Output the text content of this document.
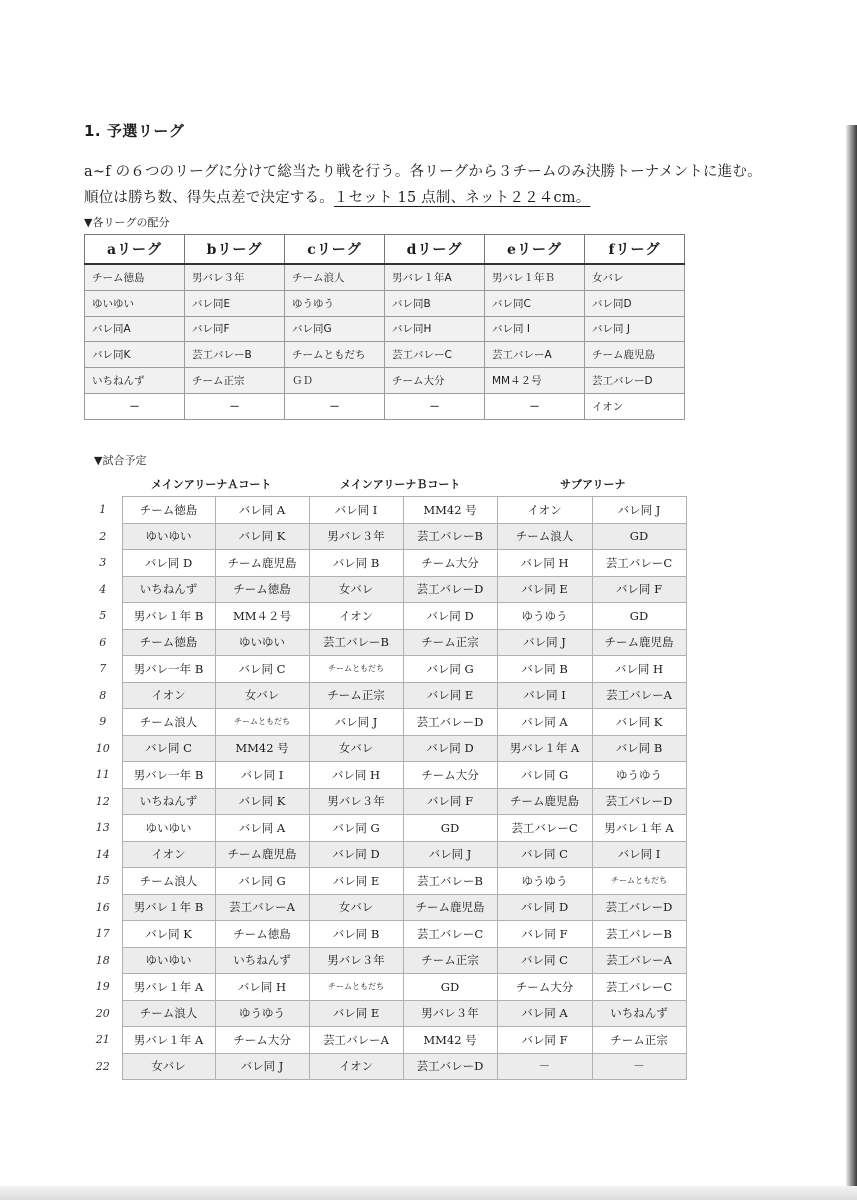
1. 予選リーグ
a~f の６つのリーグに分けて総当たり戦を行う。各リーグから３チームのみ決勝トーナメントに進む。
順位は勝ち数、得失点差で決定する。１セット 15 点制、ネット２２４cm。
▼各リーグの配分
aリーグ	bリーグ	cリーグ	dリーグ	eリーグ	fリーグ
チーム徳島	男バレ３年	チーム浪人	男バレ１年A	男バレ１年Ｂ	女バレ
ゆいゆい	バレ同E	ゆうゆう	バレ同B	バレ同C	バレ同D
バレ同A	バレ同F	バレ同G	バレ同H	バレ同 I	バレ同 J
バレ同K	芸工バレーB	チームともだち	芸工バレーC	芸工バレーA	チーム鹿児島
いちねんず	チーム正宗	ＧＤ	チーム大分	MM４２号	芸工バレーD
－	－	－	－	－	イオン
▼試合予定
メインアリーナＡコート	メインアリーナＢコート	サブアリーナ
1	チーム徳島	バレ同 A	バレ同 I	MM42 号	イオン	バレ同 J
2	ゆいゆい	バレ同 K	男バレ３年	芸工バレーB	チーム浪人	GD
3	バレ同 D	チーム鹿児島	バレ同 B	チーム大分	バレ同 H	芸工バレーC
4	いちねんず	チーム徳島	女バレ	芸工バレーD	バレ同 E	バレ同 F
5	男バレ１年 B	MM４２号	イオン	バレ同 D	ゆうゆう	GD
6	チーム徳島	ゆいゆい	芸工バレーB	チーム正宗	バレ同 J	チーム鹿児島
7	男バレ一年 B	バレ同 C	チームともだち	バレ同 G	バレ同 B	バレ同 H
8	イオン	女バレ	チーム正宗	バレ同 E	バレ同 I	芸工バレーA
9	チーム浪人	チームともだち	バレ同 J	芸工バレーD	バレ同 A	バレ同 K
10	バレ同 C	MM42 号	女バレ	バレ同 D	男バレ１年 A	バレ同 B
11	男バレ一年 B	バレ同 I	バレ同 H	チーム大分	バレ同 G	ゆうゆう
12	いちねんず	バレ同 K	男バレ３年	バレ同 F	チーム鹿児島	芸工バレーD
13	ゆいゆい	バレ同 A	バレ同 G	GD	芸工バレーC	男バレ１年 A
14	イオン	チーム鹿児島	バレ同 D	バレ同 J	バレ同 C	バレ同 I
15	チーム浪人	バレ同 G	バレ同 E	芸工バレーB	ゆうゆう	チームともだち
16	男バレ１年 B	芸工バレーA	女バレ	チーム鹿児島	バレ同 D	芸工バレーD
17	バレ同 K	チーム徳島	バレ同 B	芸工バレーC	バレ同 F	芸工バレーB
18	ゆいゆい	いちねんず	男バレ３年	チーム正宗	バレ同 C	芸工バレーA
19	男バレ１年 A	バレ同 H	チームともだち	GD	チーム大分	芸工バレーC
20	チーム浪人	ゆうゆう	バレ同 E	男バレ３年	バレ同 A	いちねんず
21	男バレ１年 A	チーム大分	芸工バレーA	MM42 号	バレ同 F	チーム正宗
22	女バレ	バレ同 J	イオン	芸工バレーD	－	－
